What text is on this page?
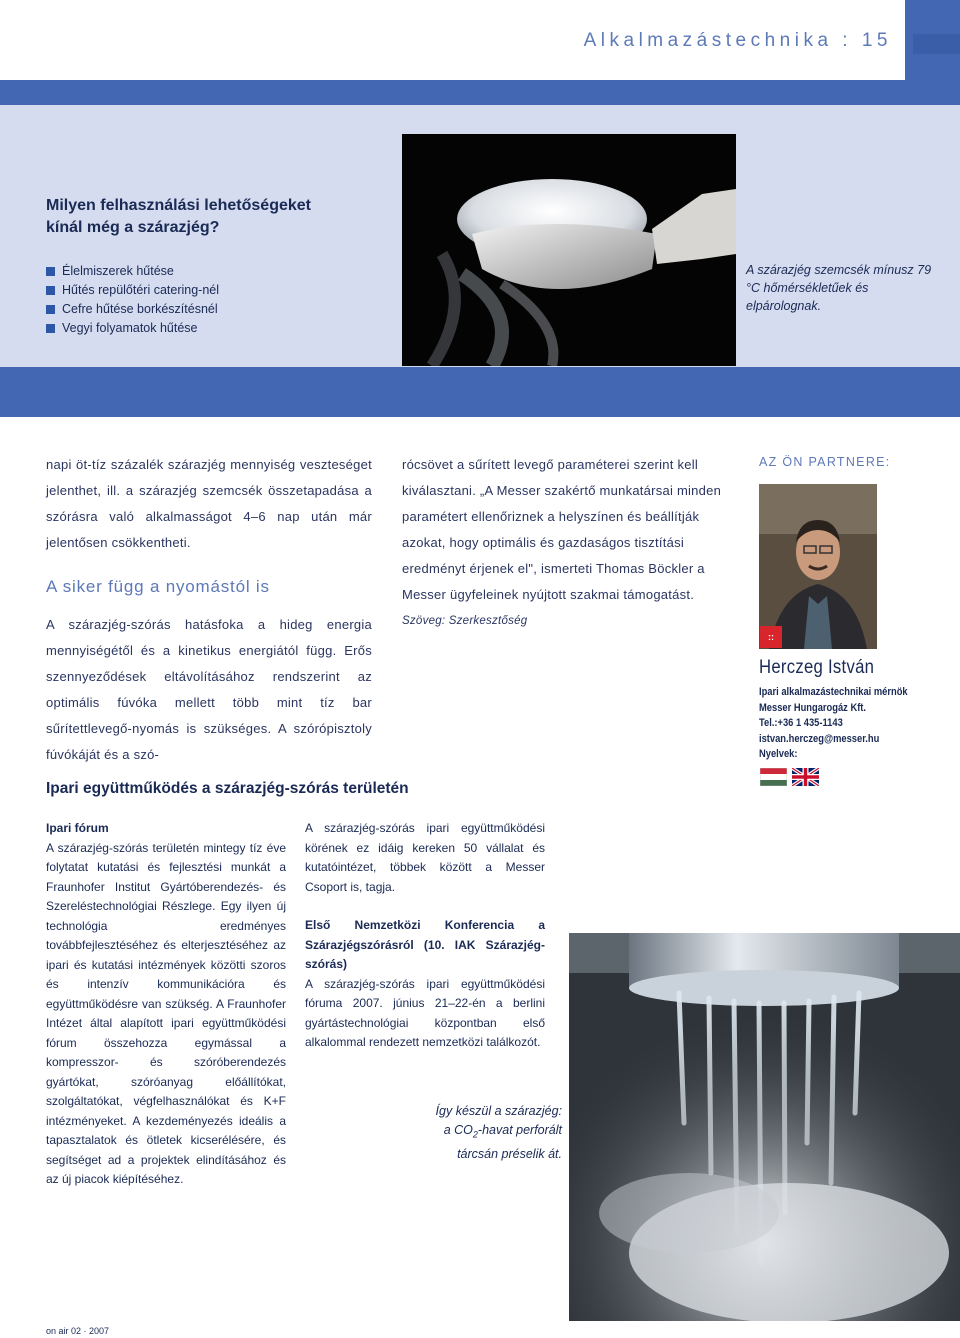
Alkalmazástechnika : 15
Milyen felhasználási lehetőségeket kínál még a szárazjég?
Élelmiszerek hűtése
Hűtés repülőtéri catering-nél
Cefre hűtése borkészítésnél
Vegyi folyamatok hűtése
A szárazjég szemcsék mínusz 79 °C hőmérsékletűek és elpárolognak.
napi öt-tíz százalék szárazjég mennyiség veszteséget jelenthet, ill. a szárazjég szemcsék összetapadása a szórásra való alkalmasságot 4–6 nap után már jelentősen csökkentheti.
A siker függ a nyomástól is
A szárazjég-szórás hatásfoka a hideg energia mennyiségétől és a kinetikus energiától függ. Erős szennyeződések eltávolításához rendszerint az optimális fúvóka mellett több mint tíz bar sűrítettlevegő-nyomás is szükséges. A szórópisztoly fúvókáját és a szó-
rócsövet a sűrített levegő paraméterei szerint kell kiválasztani. „A Messer szakértő munkatársai minden paramétert ellenőriznek a helyszínen és beállítják azokat, hogy optimális és gazdaságos tisztítási eredményt érjenek el", ismerteti Thomas Böckler a Messer ügyfeleinek nyújtott szakmai támogatást.
Szöveg: Szerkesztőség
AZ ÖN PARTNERE:
::
Herczeg István
Ipari alkalmazástechnikai mérnök
Messer Hungarogáz Kft.
Tel.:+36 1 435-1143
istvan.herczeg@messer.hu
Nyelvek:
Ipari együttműködés a szárazjég-szórás területén
Ipari fórum
A szárazjég-szórás területén mintegy tíz éve folytatat kutatási és fejlesztési munkát a Fraunhofer Institut Gyártóberendezés- és Szereléstechnológiai Részlege. Egy ilyen új technológia eredményes továbbfejlesztéséhez és elterjesztéséhez az ipari és kutatási intézmények közötti szoros és intenzív kommunikációra és együttműködésre van szükség. A Fraunhofer Intézet által alapított ipari együttműködési fórum összehozza egymással a kompresszor- és szóróberendezés gyártókat, szóróanyag előállítókat, szolgáltatókat, végfelhasználókat és K+F intézményeket. A kezdeményezés ideális a tapasztalatok és ötletek kicserélésére, és segítséget ad a projektek elindításához és az új piacok kiépítéséhez.
A szárazjég-szórás ipari együttműködési körének ez idáig kereken 50 vállalat és kutatóintézet, többek között a Messer Csoport is, tagja.
Első Nemzetközi Konferencia a Szárazjégszórásról (10. IAK Szárazjég-szórás)
A szárazjég-szórás ipari együttműködési fóruma 2007. június 21–22-én a berlini gyártástechnológiai központban első alkalommal rendezett nemzetközi találkozót.
Így készül a szárazjég:
a $CO_2$-havat perforált
tárcsán préselik át.
on air 02 · 2007
